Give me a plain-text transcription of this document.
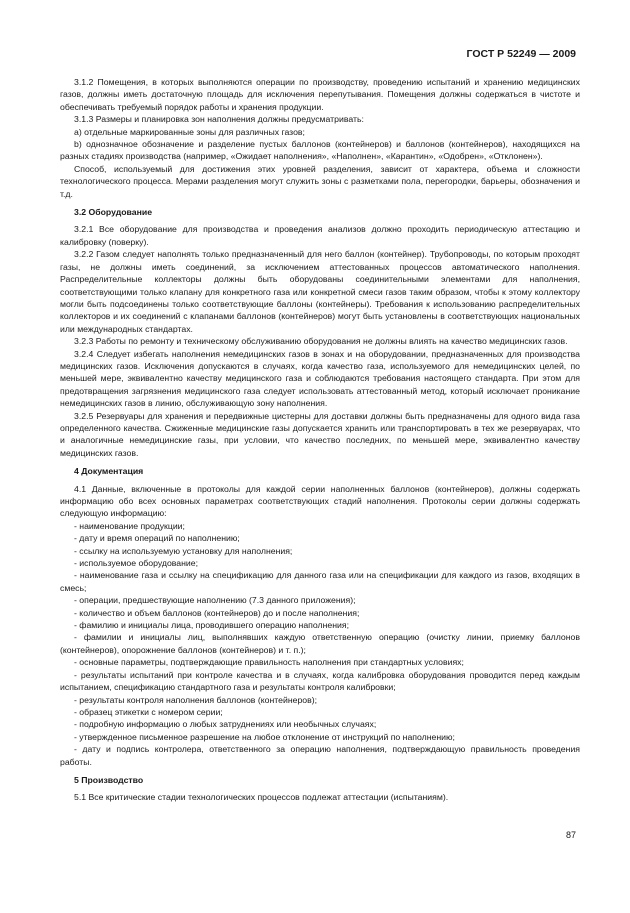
ГОСТ Р 52249 — 2009

3.1.2 Помещения, в которых выполняются операции по производству, проведению испытаний и хранению медицинских газов, должны иметь достаточную площадь для исключения перепутывания. Помещения должны содержаться в чистоте и обеспечивать требуемый порядок работы и хранения продукции.

3.1.3 Размеры и планировка зон наполнения должны предусматривать:

a) отдельные маркированные зоны для различных газов;

b) однозначное обозначение и разделение пустых баллонов (контейнеров) и баллонов (контейнеров), находящихся на разных стадиях производства (например, «Ожидает наполнения», «Наполнен», «Карантин», «Одобрен», «Отклонен»).

Способ, используемый для достижения этих уровней разделения, зависит от характера, объема и сложности технологического процесса. Мерами разделения могут служить зоны с разметками пола, перегородки, барьеры, обозначения и т.д.

3.2 Оборудование

3.2.1 Все оборудование для производства и проведения анализов должно проходить периодическую аттестацию и калибровку (поверку).

3.2.2 Газом следует наполнять только предназначенный для него баллон (контейнер). Трубопроводы, по которым проходят газы, не должны иметь соединений, за исключением аттестованных процессов автоматического наполнения. Распределительные коллекторы должны быть оборудованы соединительными элементами для наполнения, соответствующими только клапану для конкретного газа или конкретной смеси газов таким образом, чтобы к этому коллектору могли быть подсоединены только соответствующие баллоны (контейнеры). Требования к использованию распределительных коллекторов и их соединений с клапанами баллонов (контейнеров) могут быть установлены в соответствующих национальных или международных стандартах.

3.2.3 Работы по ремонту и техническому обслуживанию оборудования не должны влиять на качество медицинских газов.

3.2.4 Следует избегать наполнения немедицинских газов в зонах и на оборудовании, предназначенных для производства медицинских газов. Исключения допускаются в случаях, когда качество газа, используемого для немедицинских целей, по меньшей мере, эквивалентно качеству медицинского газа и соблюдаются требования настоящего стандарта. При этом для предотвращения загрязнения медицинского газа следует использовать аттестованный метод, который исключает проникание немедицинских газов в линию, обслуживающую зону наполнения.

3.2.5 Резервуары для хранения и передвижные цистерны для доставки должны быть предназначены для одного вида газа определенного качества. Сжиженные медицинские газы допускается хранить или транспортировать в тех же резервуарах, что и аналогичные немедицинские газы, при условии, что качество последних, по меньшей мере, эквивалентно качеству медицинских газов.

4 Документация

4.1 Данные, включенные в протоколы для каждой серии наполненных баллонов (контейнеров), должны содержать информацию обо всех основных параметрах соответствующих стадий наполнения. Протоколы серии должны содержать следующую информацию:

- наименование продукции;

- дату и время операций по наполнению;

- ссылку на используемую установку для наполнения;

- используемое оборудование;

- наименование газа и ссылку на спецификацию для данного газа или на спецификации для каждого из газов, входящих в смесь;

- операции, предшествующие наполнению (7.3 данного приложения);

- количество и объем баллонов (контейнеров) до и после наполнения;

- фамилию и инициалы лица, проводившего операцию наполнения;

- фамилии и инициалы лиц, выполнявших каждую ответственную операцию (очистку линии, приемку баллонов (контейнеров), опорожнение баллонов (контейнеров) и т. п.);

- основные параметры, подтверждающие правильность наполнения при стандартных условиях;

- результаты испытаний при контроле качества и в случаях, когда калибровка оборудования проводится перед каждым испытанием, спецификацию стандартного газа и результаты контроля калибровки;

- результаты контроля наполнения баллонов (контейнеров);

- образец этикетки с номером серии;

- подробную информацию о любых затруднениях или необычных случаях;

- утвержденное письменное разрешение на любое отклонение от инструкций по наполнению;

- дату и подпись контролера, ответственного за операцию наполнения, подтверждающую правильность проведения работы.

5 Производство

5.1 Все критические стадии технологических процессов подлежат аттестации (испытаниям).

87
